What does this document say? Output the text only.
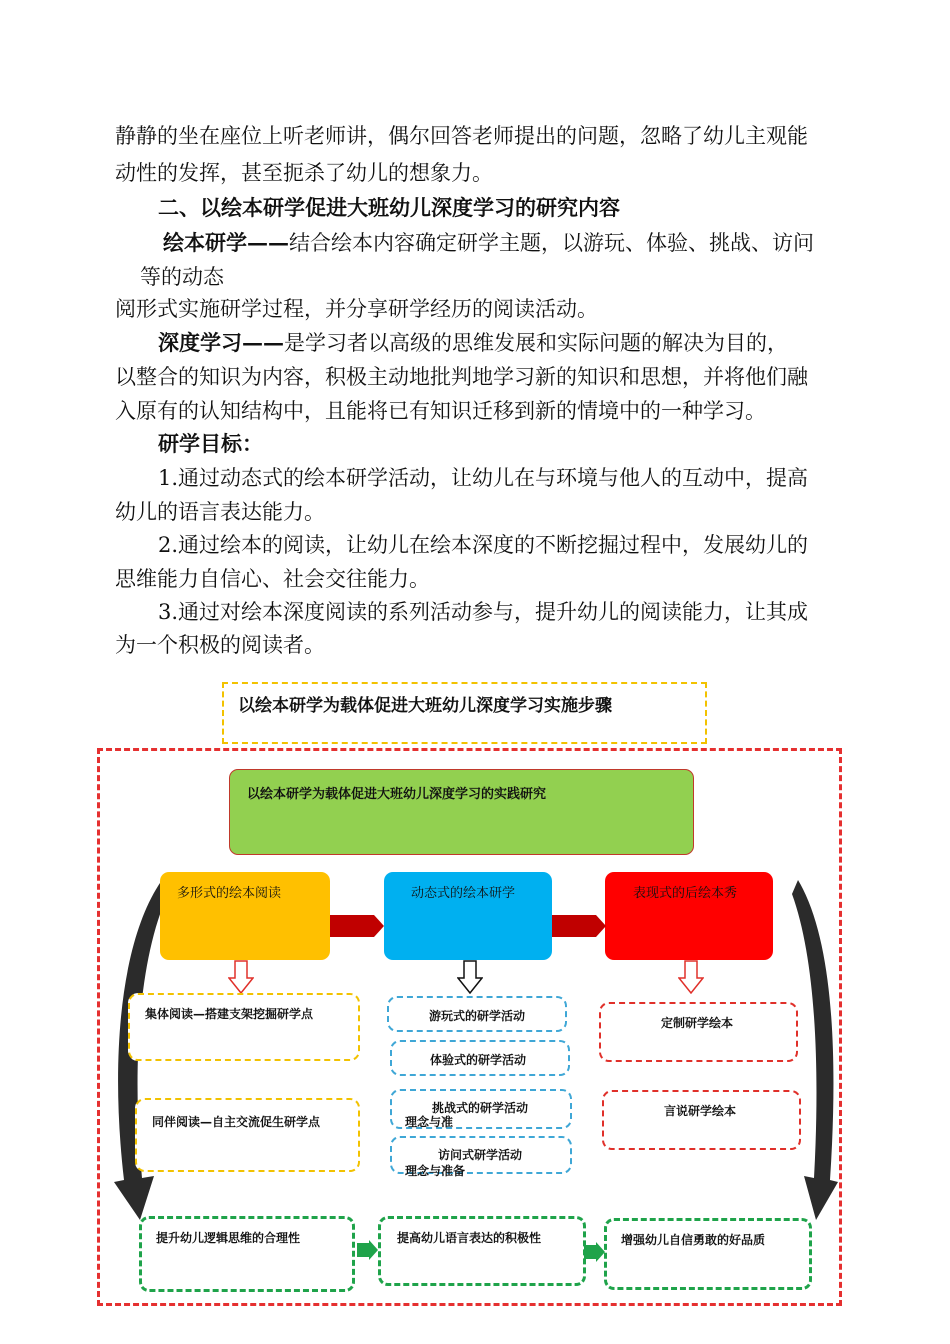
静静的坐在座位上听老师讲，偶尔回答老师提出的问题，忽略了幼儿主观能
动性的发挥，甚至扼杀了幼儿的想象力。
二、以绘本研学促进大班幼儿深度学习的研究内容
绘本研学——结合绘本内容确定研学主题，以游玩、体验、挑战、访问
等的动态
阅形式实施研学过程，并分享研学经历的阅读活动。
深度学习——是学习者以高级的思维发展和实际问题的解决为目的，
以整合的知识为内容，积极主动地批判地学习新的知识和思想，并将他们融
入原有的认知结构中，且能将已有知识迁移到新的情境中的一种学习。
研学目标：
1.通过动态式的绘本研学活动，让幼儿在与环境与他人的互动中，提高
幼儿的语言表达能力。
2.通过绘本的阅读，让幼儿在绘本深度的不断挖掘过程中，发展幼儿的
思维能力自信心、社会交往能力。
3.通过对绘本深度阅读的系列活动参与，提升幼儿的阅读能力，让其成
为一个积极的阅读者。
以绘本研学为载体促进大班幼儿深度学习实施步骤
以绘本研学为载体促进大班幼儿深度学习的实践研究
多形式的绘本阅读	动态式的绘本研学	表现式的后绘本秀
集体阅读—搭建支架挖掘研学点
同伴阅读—自主交流促生研学点
游玩式的研学活动
体验式的研学活动
挑战式的研学活动
理念与准
访问式研学活动
理念与准备
定制研学绘本
言说研学绘本
提升幼儿逻辑思维的合理性	提高幼儿语言表达的积极性	增强幼儿自信勇敢的好品质
